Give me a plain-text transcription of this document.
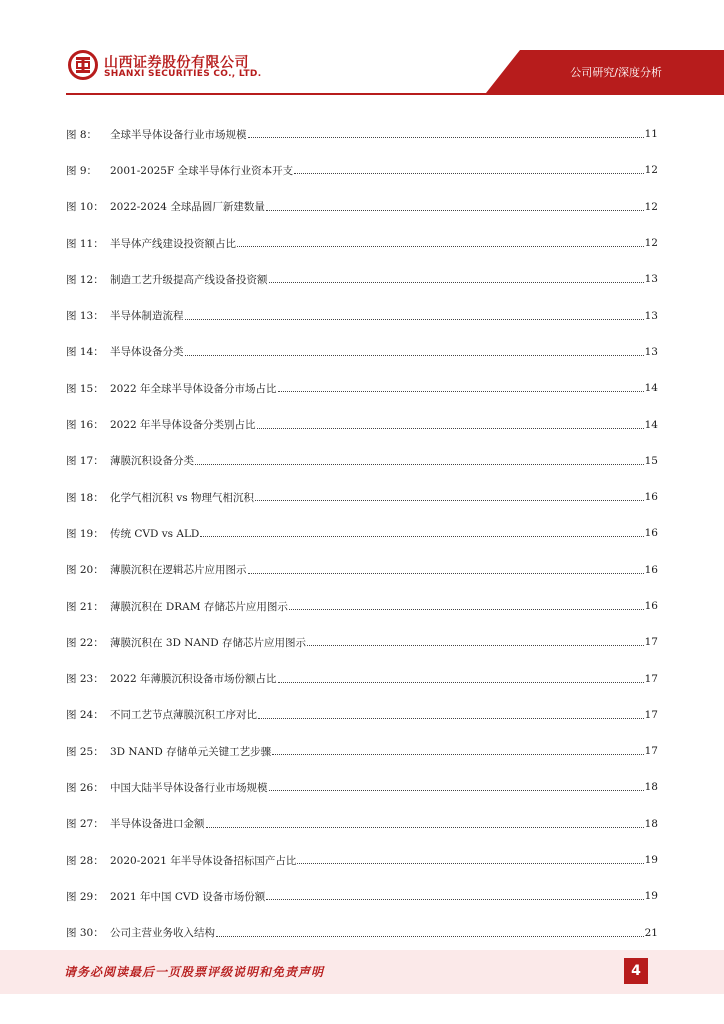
山西证券股份有限公司
SHANXI SECURITIES CO., LTD.	公司研究/深度分析
图 8：	全球半导体设备行业市场规模	11
图 9：	2001-2025F 全球半导体行业资本开支	12
图 10： 2022-2024 全球晶圆厂新建数量	12
图 11： 半导体产线建设投资额占比	12
图 12： 制造工艺升级提高产线设备投资额	13
图 13： 半导体制造流程	13
图 14： 半导体设备分类	13
图 15： 2022 年全球半导体设备分市场占比	14
图 16： 2022 年半导体设备分类别占比	14
图 17： 薄膜沉积设备分类	15
图 18： 化学气相沉积 vs 物理气相沉积	16
图 19： 传统 CVD vs ALD	16
图 20： 薄膜沉积在逻辑芯片应用图示	16
图 21： 薄膜沉积在 DRAM 存储芯片应用图示	16
图 22： 薄膜沉积在 3D NAND 存储芯片应用图示	17
图 23： 2022 年薄膜沉积设备市场份额占比	17
图 24： 不同工艺节点薄膜沉积工序对比	17
图 25： 3D NAND 存储单元关键工艺步骤	17
图 26： 中国大陆半导体设备行业市场规模	18
图 27： 半导体设备进口金额	18
图 28： 2020-2021 年半导体设备招标国产占比	19
图 29： 2021 年中国 CVD 设备市场份额	19
图 30： 公司主营业务收入结构	21
请务必阅读最后一页股票评级说明和免责声明	4
